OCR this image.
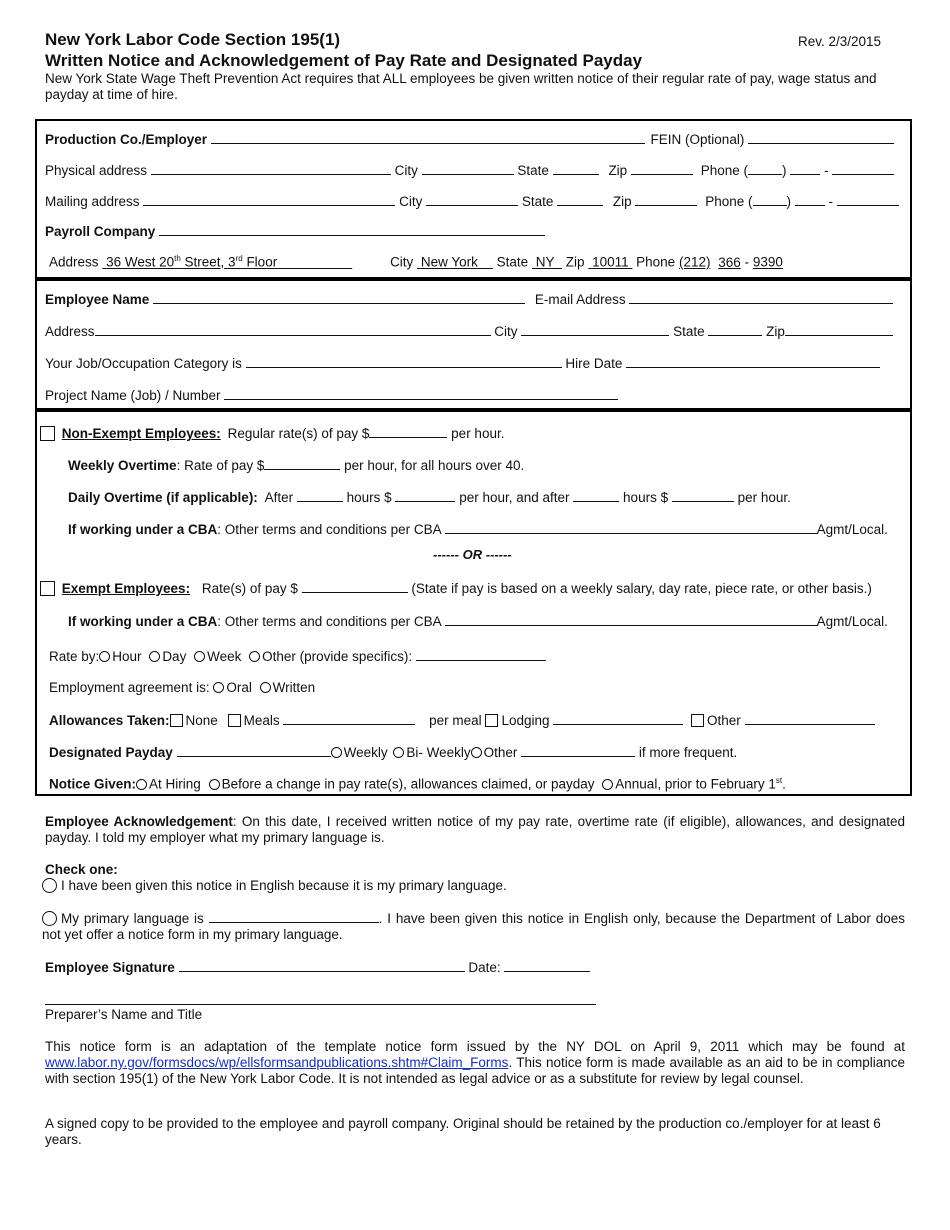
New York Labor Code Section 195(1)	Rev. 2/3/2015
Written Notice and Acknowledgement of Pay Rate and Designated Payday
New York State Wage Theft Prevention Act requires that ALL employees be given written notice of their regular rate of pay, wage status and payday at time of hire.
Production Co./Employer	FEIN (Optional)
Physical address	City	State	Zip	Phone (	)	-
Mailing address	City	State	Zip	Phone (	)	-
Payroll Company
Address 36 West 20th Street, 3rd Floor	City New York State NY Zip 10011 Phone (212) 366 - 9390
Employee Name	E-mail Address
Address	City	State	Zip
Your Job/Occupation Category is	Hire Date
Project Name (Job) / Number
Non-Exempt Employees: Regular rate(s) of pay $	per hour.
Weekly Overtime: Rate of pay $	per hour, for all hours over 40.
Daily Overtime (if applicable): After	hours $	per hour, and after	hours $	per hour.
If working under a CBA: Other terms and conditions per CBA	Agmt/Local.
------ OR ------
Exempt Employees: Rate(s) of pay $	(State if pay is based on a weekly salary, day rate, piece rate, or other basis.)
If working under a CBA: Other terms and conditions per CBA	Agmt/Local.
Rate by: Hour Day Week Other (provide specifics):
Employment agreement is: Oral Written
Allowances Taken: None Meals	per meal Lodging	Other
Designated Payday	Weekly Bi- Weekly Other	if more frequent.
Notice Given: At Hiring Before a change in pay rate(s), allowances claimed, or payday Annual, prior to February 1st.
Employee Acknowledgement: On this date, I received written notice of my pay rate, overtime rate (if eligible), allowances, and designated payday. I told my employer what my primary language is.
Check one:
I have been given this notice in English because it is my primary language.
My primary language is	. I have been given this notice in English only, because the Department of Labor does not yet offer a notice form in my primary language.
Employee Signature	Date:
Preparer’s Name and Title
This notice form is an adaptation of the template notice form issued by the NY DOL on April 9, 2011 which may be found at www.labor.ny.gov/formsdocs/wp/ellsformsandpublications.shtm#Claim_Forms. This notice form is made available as an aid to be in compliance with section 195(1) of the New York Labor Code. It is not intended as legal advice or as a substitute for review by legal counsel.
A signed copy to be provided to the employee and payroll company. Original should be retained by the production co./employer for at least 6 years.
